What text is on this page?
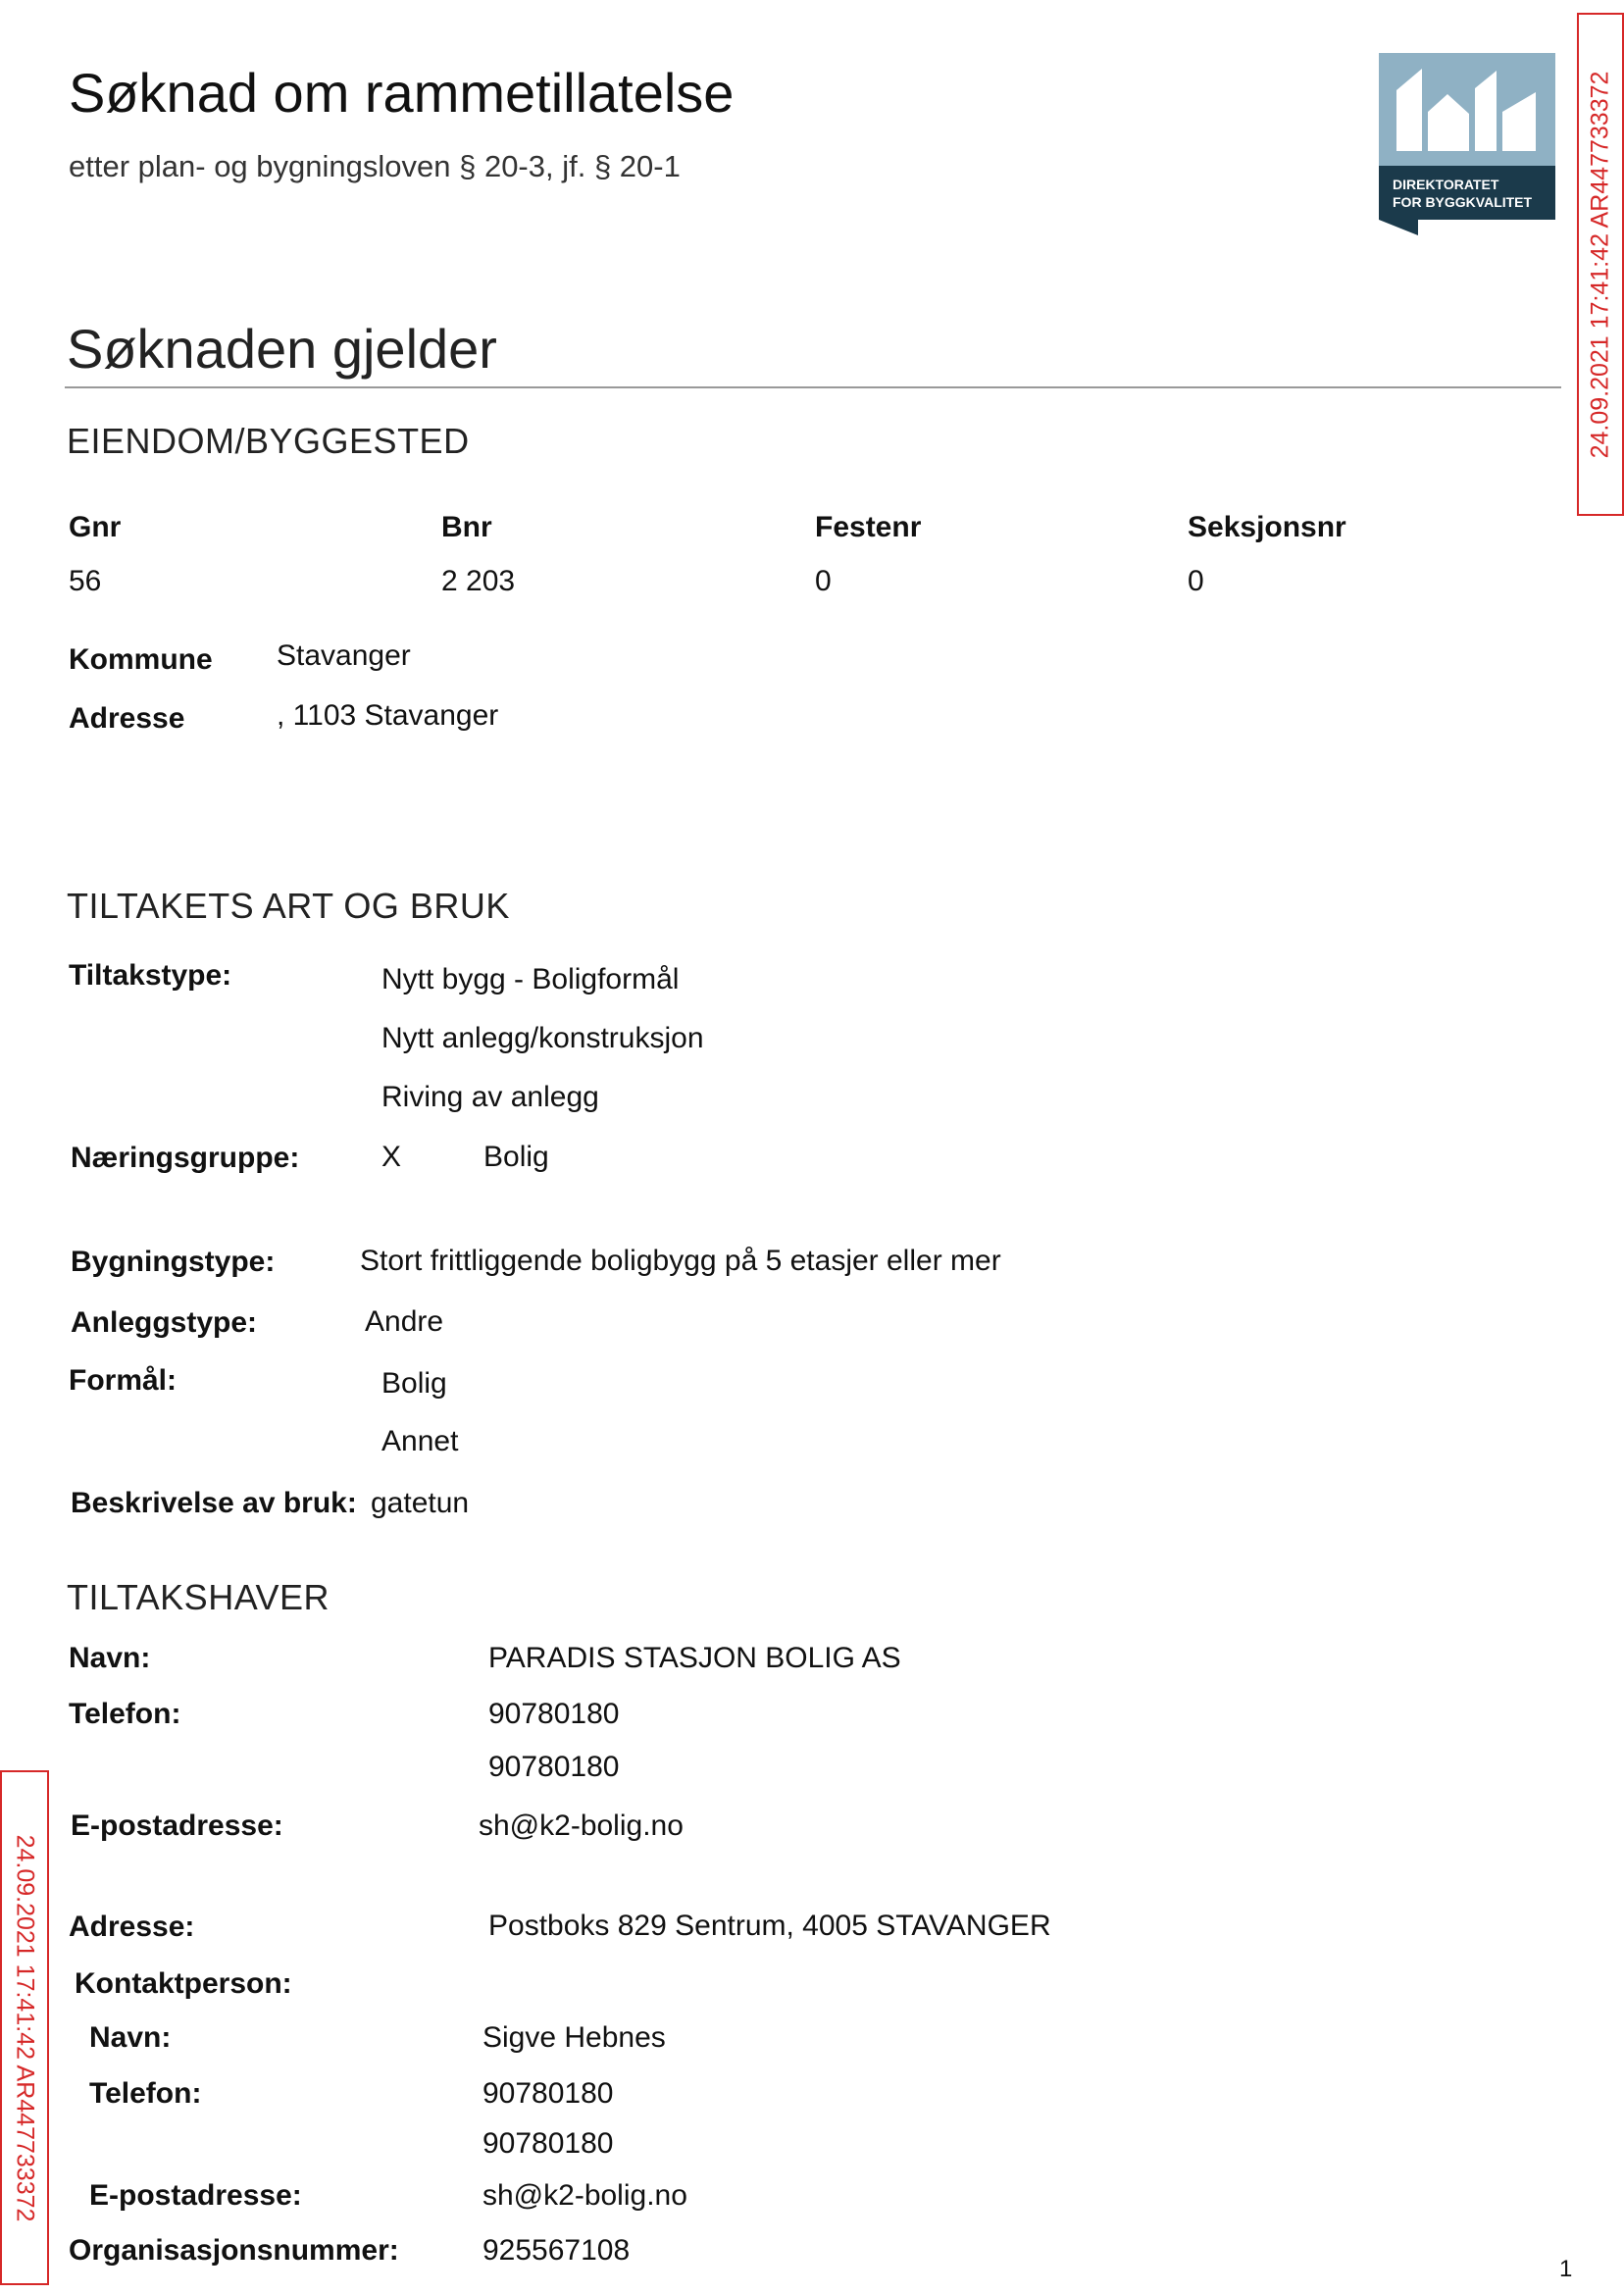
Søknad om rammetillatelse
etter plan- og bygningsloven § 20-3, jf. § 20-1
DIREKTORATET
FOR BYGGKVALITET 24.09.2021 17:41:42 AR447733372
24.09.2021 17:41:42 AR447733372
Søknaden gjelder
EIENDOM/BYGGESTED
Gnr	Bnr	Festenr	Seksjonsnr
56	2 203	0	0
Kommune Stavanger
Adresse	, 1103 Stavanger
TILTAKETS ART OG BRUK
Tiltakstype:	Nytt bygg - Boligformål
Nytt anlegg/konstruksjon
Riving av anlegg
Næringsgruppe:	X	Bolig
Bygningstype:	Stort frittliggende boligbygg på 5 etasjer eller mer
Anleggstype:	Andre
Formål:	Bolig
Annet
Beskrivelse av bruk: gatetun
TILTAKSHAVER
Navn:	PARADIS STASJON BOLIG AS
Telefon:	90780180
90780180
E-postadresse:	sh@k2-bolig.no
Adresse:	Postboks 829 Sentrum, 4005 STAVANGER
Kontaktperson:
Navn:	Sigve Hebnes
Telefon:	90780180
90780180
E-postadresse:	sh@k2-bolig.no
Organisasjonsnummer:	925567108
1
